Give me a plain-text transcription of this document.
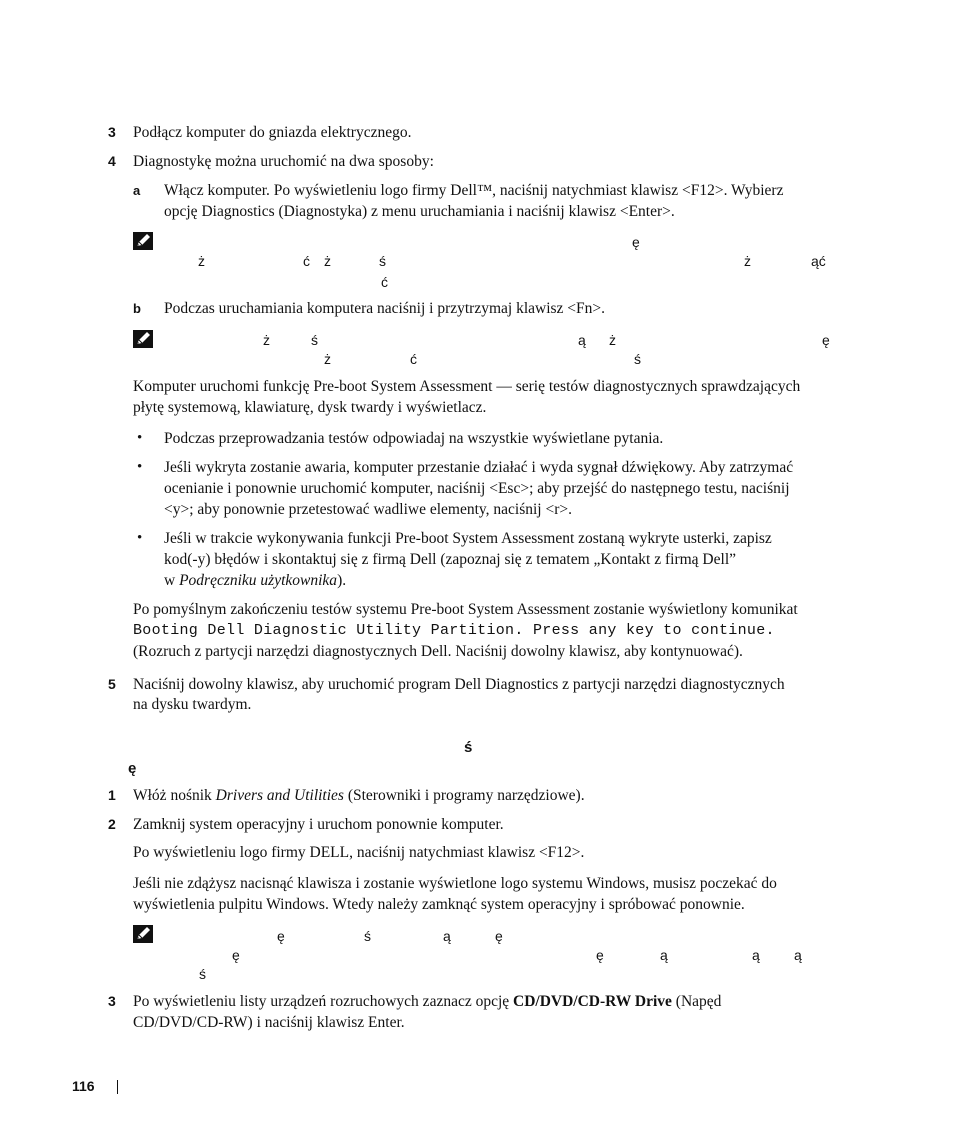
3 Podłącz komputer do gniazda elektrycznego.
4 Diagnostykę można uruchomić na dwa sposoby:
a Włącz komputer. Po wyświetleniu logo firmy Dell™, naciśnij natychmiast klawisz <F12>. Wybierz
opcję Diagnostics (Diagnostyka) z menu uruchamiania i naciśnij klawisz <Enter>.
ę
ż	ć ż	ś	ż	ąć
ć
b Podczas uruchamiania komputera naciśnij i przytrzymaj klawisz <Fn>.
ż	ś	ą ż	ę
ż	ć	ś
Komputer uruchomi funkcję Pre-boot System Assessment — serię testów diagnostycznych sprawdzających
płytę systemową, klawiaturę, dysk twardy i wyświetlacz.
• Podczas przeprowadzania testów odpowiadaj na wszystkie wyświetlane pytania.
• Jeśli wykryta zostanie awaria, komputer przestanie działać i wyda sygnał dźwiękowy. Aby zatrzymać
ocenianie i ponownie uruchomić komputer, naciśnij <Esc>; aby przejść do następnego testu, naciśnij
<y>; aby ponownie przetestować wadliwe elementy, naciśnij <r>.
• Jeśli w trakcie wykonywania funkcji Pre-boot System Assessment zostaną wykryte usterki, zapisz
kod(-y) błędów i skontaktuj się z firmą Dell (zapoznaj się z tematem „Kontakt z firmą Dell”
w Podręczniku użytkownika).
Po pomyślnym zakończeniu testów systemu Pre-boot System Assessment zostanie wyświetlony komunikat
Booting Dell Diagnostic Utility Partition. Press any key to continue.
(Rozruch z partycji narzędzi diagnostycznych Dell. Naciśnij dowolny klawisz, aby kontynuować).
5 Naciśnij dowolny klawisz, aby uruchomić program Dell Diagnostics z partycji narzędzi diagnostycznych
na dysku twardym.
ś
ę
1 Włóż nośnik Drivers and Utilities (Sterowniki i programy narzędziowe).
2 Zamknij system operacyjny i uruchom ponownie komputer.
Po wyświetleniu logo firmy DELL, naciśnij natychmiast klawisz <F12>.
Jeśli nie zdążysz nacisnąć klawisza i zostanie wyświetlone logo systemu Windows, musisz poczekać do
wyświetlenia pulpitu Windows. Wtedy należy zamknąć system operacyjny i spróbować ponownie.
ę	ś	ą	ę
ę	ę	ą	ą ą
ś
3 Po wyświetleniu listy urządzeń rozruchowych zaznacz opcję CD/DVD/CD-RW Drive (Napęd
CD/DVD/CD-RW) i naciśnij klawisz Enter.
116
